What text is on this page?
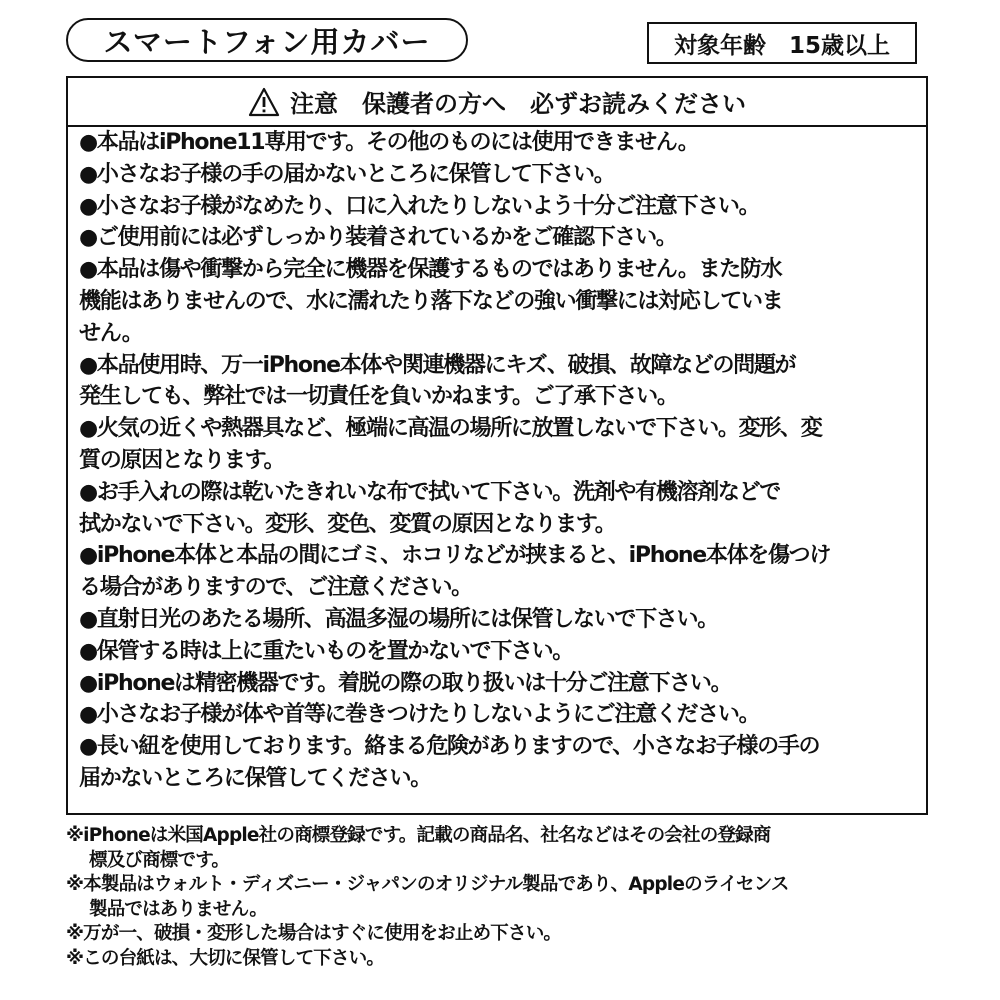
スマートフォン用カバー	対象年齢　15歳以上
注意　保護者の方へ　必ずお読みください
●本品はiPhone11専用です。その他のものには使用できません。
●小さなお子様の手の届かないところに保管して下さい。
●小さなお子様がなめたり、口に入れたりしないよう十分ご注意下さい。
●ご使用前には必ずしっかり装着されているかをご確認下さい。
●本品は傷や衝撃から完全に機器を保護するものではありません。また防水
機能はありませんので、水に濡れたり落下などの強い衝撃には対応していま
せん。
●本品使用時、万一iPhone本体や関連機器にキズ、破損、故障などの問題が
発生しても、弊社では一切責任を負いかねます。ご了承下さい。
●火気の近くや熱器具など、極端に高温の場所に放置しないで下さい。変形、変
質の原因となります。
●お手入れの際は乾いたきれいな布で拭いて下さい。洗剤や有機溶剤などで
拭かないで下さい。変形、変色、変質の原因となります。
●iPhone本体と本品の間にゴミ、ホコリなどが挟まると、iPhone本体を傷つけ
る場合がありますので、ご注意ください。
●直射日光のあたる場所、高温多湿の場所には保管しないで下さい。
●保管する時は上に重たいものを置かないで下さい。
●iPhoneは精密機器です。着脱の際の取り扱いは十分ご注意下さい。
●小さなお子様が体や首等に巻きつけたりしないようにご注意ください。
●長い紐を使用しております。絡まる危険がありますので、小さなお子様の手の
届かないところに保管してください。
※iPhoneは米国Apple社の商標登録です。記載の商品名、社名などはその会社の登録商
標及び商標です。
※本製品はウォルト・ディズニー・ジャパンのオリジナル製品であり、Appleのライセンス
製品ではありません。
※万が一、破損・変形した場合はすぐに使用をお止め下さい。
※この台紙は、大切に保管して下さい。
